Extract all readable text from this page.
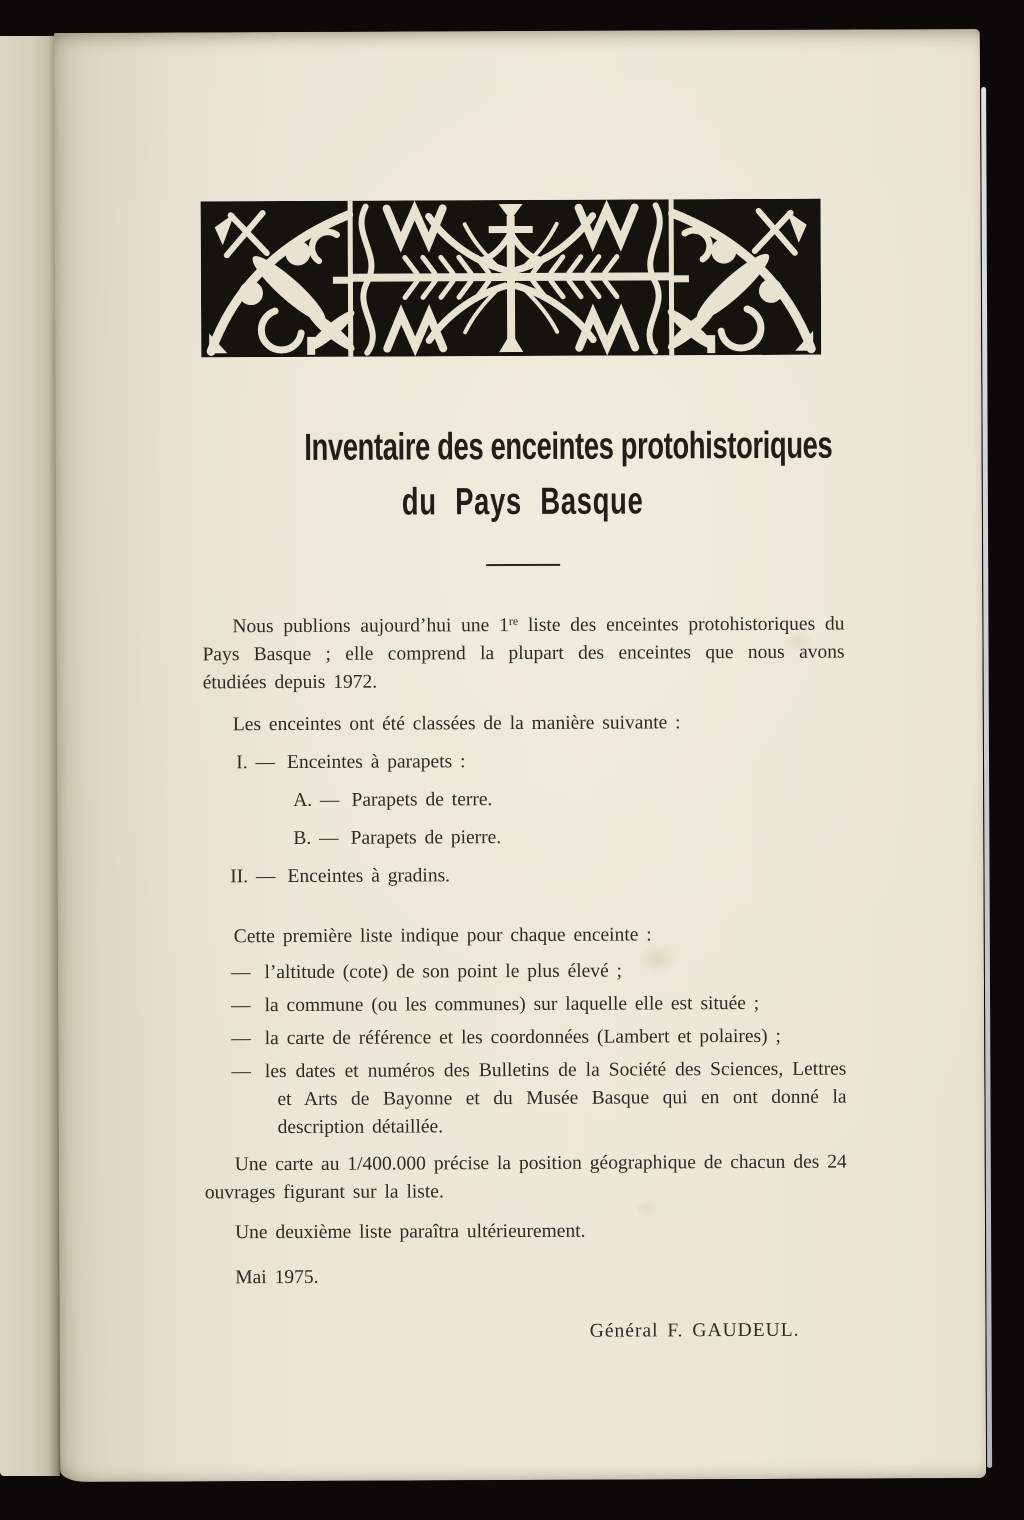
Inventaire des enceintes protohistoriques
du Pays Basque

Nous publions aujourd’hui une 1re liste des enceintes protohistoriques du Pays Basque ; elle comprend la plupart des enceintes que nous avons étudiées depuis 1972.

Les enceintes ont été classées de la manière suivante :

I. — Enceintes à parapets :
A. — Parapets de terre.
B. — Parapets de pierre.
II. — Enceintes à gradins.

Cette première liste indique pour chaque enceinte :

— l’altitude (cote) de son point le plus élevé ;
— la commune (ou les communes) sur laquelle elle est située ;
— la carte de référence et les coordonnées (Lambert et polaires) ;
— les dates et numéros des Bulletins de la Société des Sciences, Lettres et Arts de Bayonne et du Musée Basque qui en ont donné la description détaillée.

Une carte au 1/400.000 précise la position géographique de chacun des 24 ouvrages figurant sur la liste.

Une deuxième liste paraîtra ultérieurement.

Mai 1975.

Général F. GAUDEUL.
